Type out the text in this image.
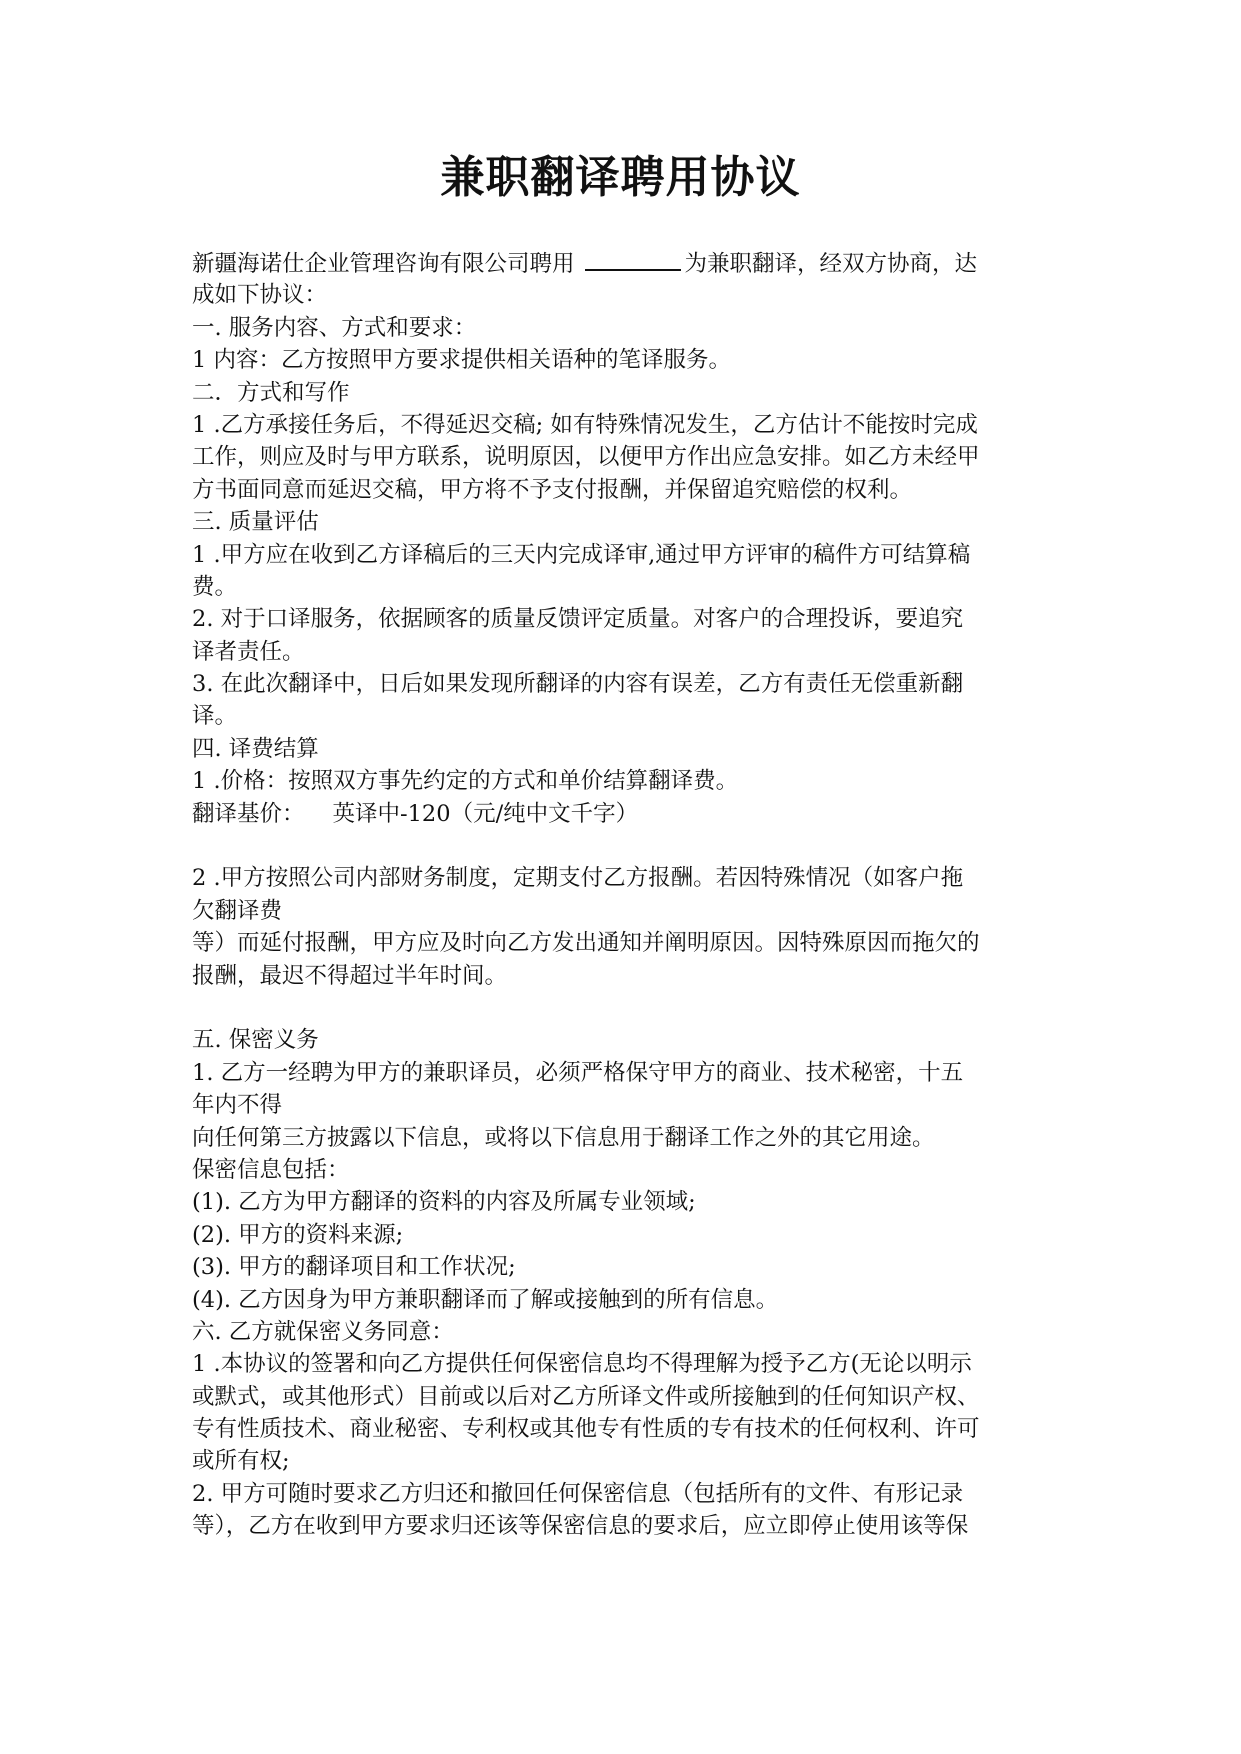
兼职翻译聘用协议
新疆海诺仕企业管理咨询有限公司聘用	为兼职翻译，经双方协商，达
成如下协议：
一. 服务内容、方式和要求：
1 内容：乙方按照甲方要求提供相关语种的笔译服务。
二．方式和写作
1 .乙方承接任务后，不得延迟交稿; 如有特殊情况发生，乙方估计不能按时完成
工作，则应及时与甲方联系，说明原因，以便甲方作出应急安排。如乙方未经甲
方书面同意而延迟交稿，甲方将不予支付报酬，并保留追究赔偿的权利。
三. 质量评估
1 .甲方应在收到乙方译稿后的三天内完成译审,通过甲方评审的稿件方可结算稿
费。
2. 对于口译服务，依据顾客的质量反馈评定质量。对客户的合理投诉，要追究
译者责任。
3. 在此次翻译中，日后如果发现所翻译的内容有误差，乙方有责任无偿重新翻
译。
四. 译费结算
1 .价格：按照双方事先约定的方式和单价结算翻译费。
翻译基价： 英译中-120（元/纯中文千字）
2 .甲方按照公司内部财务制度，定期支付乙方报酬。若因特殊情况（如客户拖
欠翻译费
等）而延付报酬，甲方应及时向乙方发出通知并阐明原因。因特殊原因而拖欠的
报酬，最迟不得超过半年时间。
五. 保密义务
1. 乙方一经聘为甲方的兼职译员，必须严格保守甲方的商业、技术秘密，十五
年内不得
向任何第三方披露以下信息，或将以下信息用于翻译工作之外的其它用途。
保密信息包括：
(1). 乙方为甲方翻译的资料的内容及所属专业领域;
(2). 甲方的资料来源;
(3). 甲方的翻译项目和工作状况;
(4). 乙方因身为甲方兼职翻译而了解或接触到的所有信息。
六. 乙方就保密义务同意：
1 .本协议的签署和向乙方提供任何保密信息均不得理解为授予乙方(无论以明示
或默式，或其他形式）目前或以后对乙方所译文件或所接触到的任何知识产权、
专有性质技术、商业秘密、专利权或其他专有性质的专有技术的任何权利、许可
或所有权;
2. 甲方可随时要求乙方归还和撤回任何保密信息（包括所有的文件、有形记录
等），乙方在收到甲方要求归还该等保密信息的要求后，应立即停止使用该等保
